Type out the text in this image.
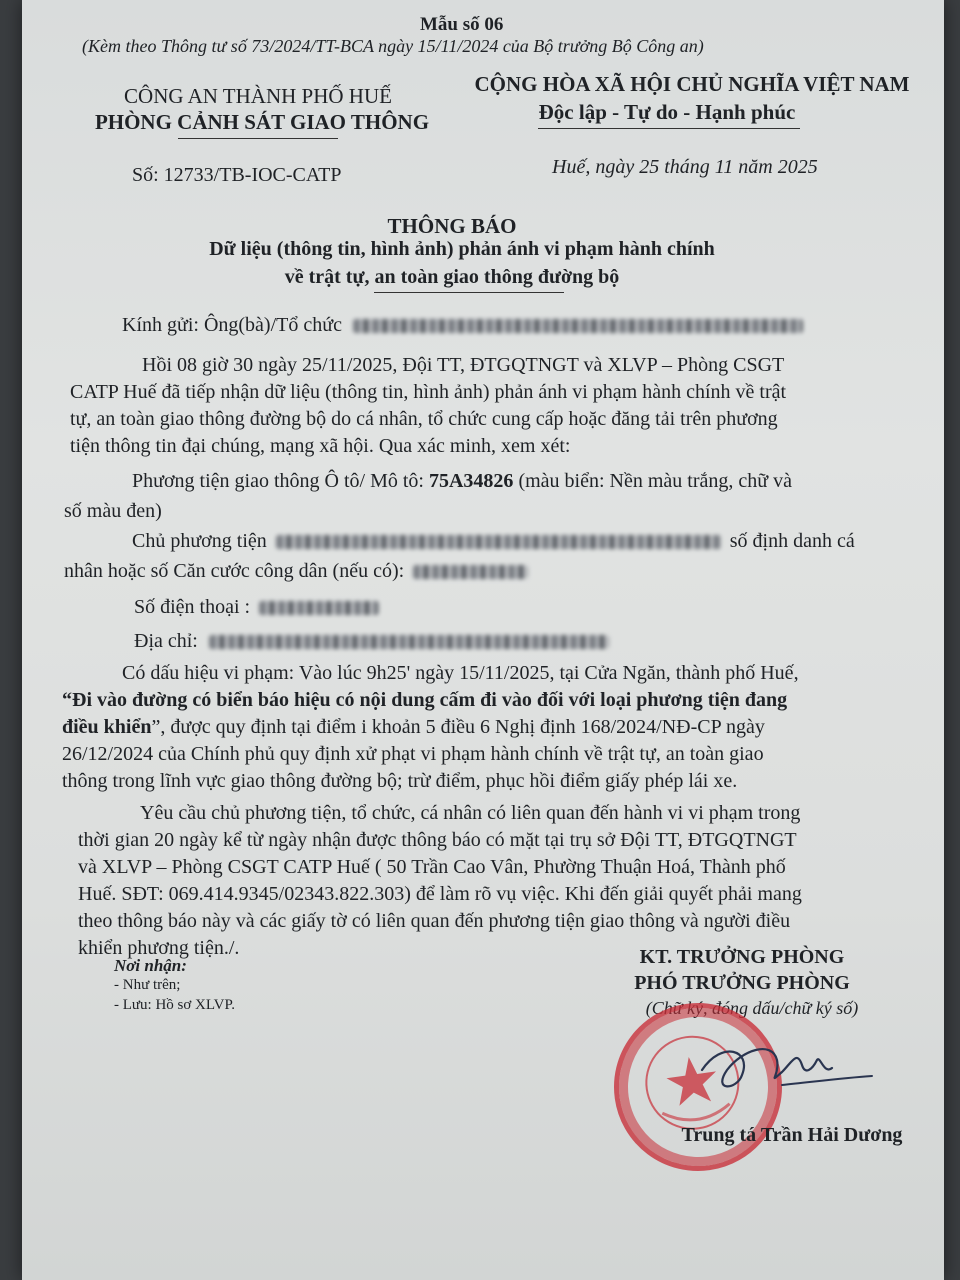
Mẫu số 06
(Kèm theo Thông tư số 73/2024/TT-BCA ngày 15/11/2024 của Bộ trưởng Bộ Công an)
CÔNG AN THÀNH PHỐ HUẾ
PHÒNG CẢNH SÁT GIAO THÔNG
CỘNG HÒA XÃ HỘI CHỦ NGHĨA VIỆT NAM
Độc lập - Tự do - Hạnh phúc
Số: 12733/TB-IOC-CATP	Huế, ngày 25 tháng 11 năm 2025
THÔNG BÁO
Dữ liệu (thông tin, hình ảnh) phản ánh vi phạm hành chính
về trật tự, an toàn giao thông đường bộ
Kính gửi: Ông(bà)/Tổ chức
Hồi 08 giờ 30 ngày 25/11/2025, Đội TT, ĐTGQTNGT và XLVP – Phòng CSGT
CATP Huế đã tiếp nhận dữ liệu (thông tin, hình ảnh) phản ánh vi phạm hành chính về trật
tự, an toàn giao thông đường bộ do cá nhân, tổ chức cung cấp hoặc đăng tải trên phương
tiện thông tin đại chúng, mạng xã hội. Qua xác minh, xem xét:
Phương tiện giao thông Ô tô/ Mô tô: 75A34826 (màu biển: Nền màu trắng, chữ và
số màu đen)
Chủ phương tiện	số định danh cá
nhân hoặc số Căn cước công dân (nếu có):
Số điện thoại :
Địa chỉ:
Có dấu hiệu vi phạm: Vào lúc 9h25' ngày 15/11/2025, tại Cửa Ngăn, thành phố Huế,
“Đi vào đường có biển báo hiệu có nội dung cấm đi vào đối với loại phương tiện đang
điều khiển”, được quy định tại điểm i khoản 5 điều 6 Nghị định 168/2024/NĐ-CP ngày
26/12/2024 của Chính phủ quy định xử phạt vi phạm hành chính về trật tự, an toàn giao
thông trong lĩnh vực giao thông đường bộ; trừ điểm, phục hồi điểm giấy phép lái xe.
Yêu cầu chủ phương tiện, tổ chức, cá nhân có liên quan đến hành vi vi phạm trong
thời gian 20 ngày kể từ ngày nhận được thông báo có mặt tại trụ sở Đội TT, ĐTGQTNGT
và XLVP – Phòng CSGT CATP Huế ( 50 Trần Cao Vân, Phường Thuận Hoá, Thành phố
Huế. SĐT: 069.414.9345/02343.822.303) để làm rõ vụ việc. Khi đến giải quyết phải mang
theo thông báo này và các giấy tờ có liên quan đến phương tiện giao thông và người điều
khiển phương tiện./.
Nơi nhận:
- Như trên;
- Lưu: Hồ sơ XLVP.
KT. TRƯỞNG PHÒNG
PHÓ TRƯỞNG PHÒNG
(Chữ ký, đóng dấu/chữ ký số)
Trung tá Trần Hải Dương
